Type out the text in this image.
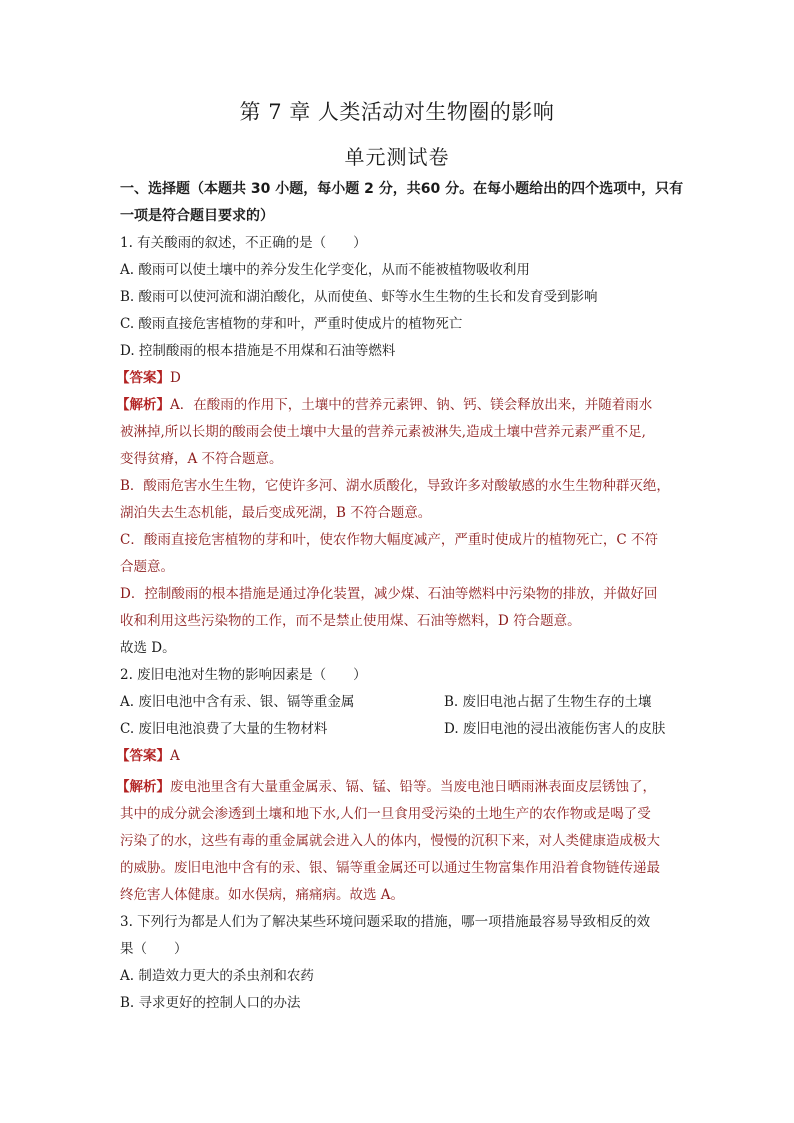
第 7 章 人类活动对生物圈的影响
单元测试卷
一、选择题（本题共 30 小题，每小题 2 分，共60 分。在每小题给出的四个选项中，只有
一项是符合题目要求的）
1. 有关酸雨的叙述，不正确的是（　　）
A. 酸雨可以使土壤中的养分发生化学变化，从而不能被植物吸收利用
B. 酸雨可以使河流和湖泊酸化，从而使鱼、虾等水生生物的生长和发育受到影响
C. 酸雨直接危害植物的芽和叶，严重时使成片的植物死亡
D. 控制酸雨的根本措施是不用煤和石油等燃料
【答案】D
【解析】A．在酸雨的作用下，土壤中的营养元素钾、钠、钙、镁会释放出来，并随着雨水
被淋掉,所以长期的酸雨会使土壤中大量的营养元素被淋失,造成土壤中营养元素严重不足,
变得贫瘠，A 不符合题意。
B．酸雨危害水生生物，它使许多河、湖水质酸化，导致许多对酸敏感的水生生物种群灭绝，
湖泊失去生态机能，最后变成死湖，B 不符合题意。
C．酸雨直接危害植物的芽和叶，使农作物大幅度减产，严重时使成片的植物死亡，C 不符
合题意。
D．控制酸雨的根本措施是通过净化装置，减少煤、石油等燃料中污染物的排放，并做好回
收和利用这些污染物的工作，而不是禁止使用煤、石油等燃料，D 符合题意。
故选 D。
2. 废旧电池对生物的影响因素是（　　）
A. 废旧电池中含有汞、银、镉等重金属	B. 废旧电池占据了生物生存的土壤
C. 废旧电池浪费了大量的生物材料	D. 废旧电池的浸出液能伤害人的皮肤
【答案】A
【解析】废电池里含有大量重金属汞、镉、锰、铅等。当废电池日晒雨淋表面皮层锈蚀了，
其中的成分就会渗透到土壤和地下水,人们一旦食用受污染的土地生产的农作物或是喝了受
污染了的水，这些有毒的重金属就会进入人的体内，慢慢的沉积下来，对人类健康造成极大
的威胁。废旧电池中含有的汞、银、镉等重金属还可以通过生物富集作用沿着食物链传递最
终危害人体健康。如水俣病，痛痛病。故选 A。
3. 下列行为都是人们为了解决某些环境问题采取的措施，哪一项措施最容易导致相反的效
果（　　）
A. 制造效力更大的杀虫剂和农药
B. 寻求更好的控制人口的办法
